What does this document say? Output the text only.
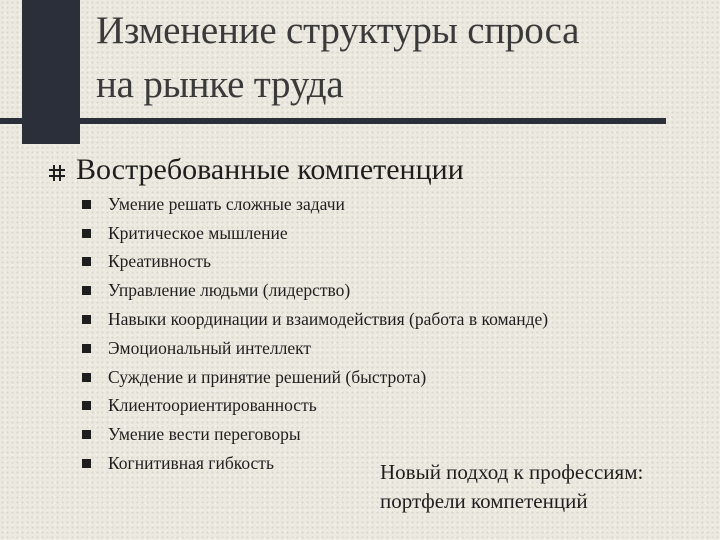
Изменение структуры спроса
на рынке труда
Востребованные компетенции
Умение решать сложные задачи
Критическое мышление
Креативность
Управление людьми (лидерство)
Навыки координации и взаимодействия (работа в команде)
Эмоциональный интеллект
Суждение и принятие решений (быстрота)
Клиентоориентированность
Умение вести переговоры
Когнитивная гибкость	Новый подход к профессиям:
портфели компетенций
